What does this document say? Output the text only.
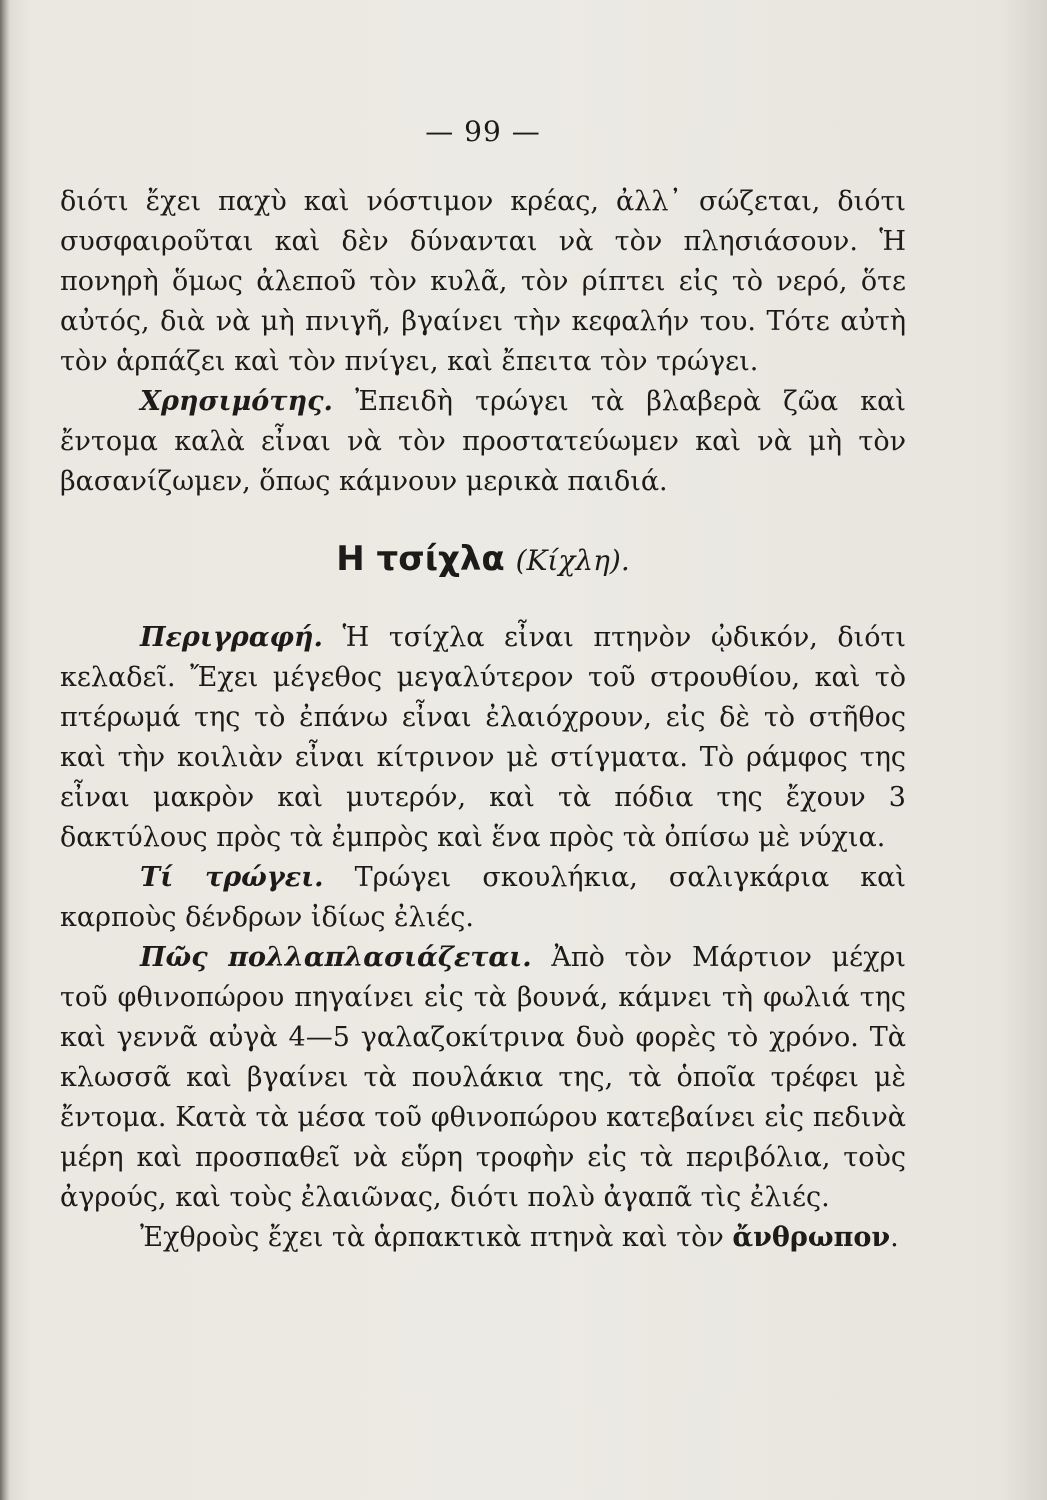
— 99 —

διότι ἔχει παχὺ καὶ νόστιμον κρέας, ἀλλ᾽ σώζεται, διότι συσφαιροῦται καὶ δὲν δύνανται νὰ τὸν πλησιάσουν. Ἡ πονηρὴ ὅμως ἀλεποῦ τὸν κυλᾶ, τὸν ρίπτει εἰς τὸ νερό, ὅτε αὐτός, διὰ νὰ μὴ πνιγῆ, βγαίνει τὴν κεφαλήν του. Τότε αὐτὴ τὸν ἁρπάζει καὶ τὸν πνίγει, καὶ ἔπειτα τὸν τρώγει.

Χρησιμότης. Ἐπειδὴ τρώγει τὰ βλαβερὰ ζῶα καὶ ἔντομα καλὰ εἶναι νὰ τὸν προστατεύωμεν καὶ νὰ μὴ τὸν βασανίζωμεν, ὅπως κάμνουν μερικὰ παιδιά.

Η τσίχλα (Κίχλη).

Περιγραφή. Ἡ τσίχλα εἶναι πτηνὸν ᾠδικόν, διότι κελαδεῖ. Ἔχει μέγεθος μεγαλύτερον τοῦ στρουθίου, καὶ τὸ πτέρωμά της τὸ ἐπάνω εἶναι ἐλαιόχρουν, εἰς δὲ τὸ στῆθος καὶ τὴν κοιλιὰν εἶναι κίτρινον μὲ στίγματα. Τὸ ράμφος της εἶναι μακρὸν καὶ μυτερόν, καὶ τὰ πόδια της ἔχουν 3 δακτύλους πρὸς τὰ ἐμπρὸς καὶ ἕνα πρὸς τὰ ὀπίσω μὲ νύχια.

Τί τρώγει. Τρώγει σκουλήκια, σαλιγκάρια καὶ καρποὺς δένδρων ἰδίως ἐλιές.

Πῶς πολλαπλασιάζεται. Ἀπὸ τὸν Μάρτιον μέχρι τοῦ φθινοπώρου πηγαίνει εἰς τὰ βουνά, κάμνει τὴ φωλιά της καὶ γεννᾶ αὐγὰ 4—5 γαλαζοκίτρινα δυὸ φορὲς τὸ χρόνο. Τὰ κλωσσᾶ καὶ βγαίνει τὰ πουλάκια της, τὰ ὁποῖα τρέφει μὲ ἔντομα. Κατὰ τὰ μέσα τοῦ φθινοπώρου κατεβαίνει εἰς πεδινὰ μέρη καὶ προσπαθεῖ νὰ εὕρη τροφὴν εἰς τὰ περιβόλια, τοὺς ἀγρούς, καὶ τοὺς ἐλαιῶνας, διότι πολὺ ἀγαπᾶ τὶς ἐλιές.

Ἐχθροὺς ἔχει τὰ ἁρπακτικὰ πτηνὰ καὶ τὸν ἄνθρωπον.
